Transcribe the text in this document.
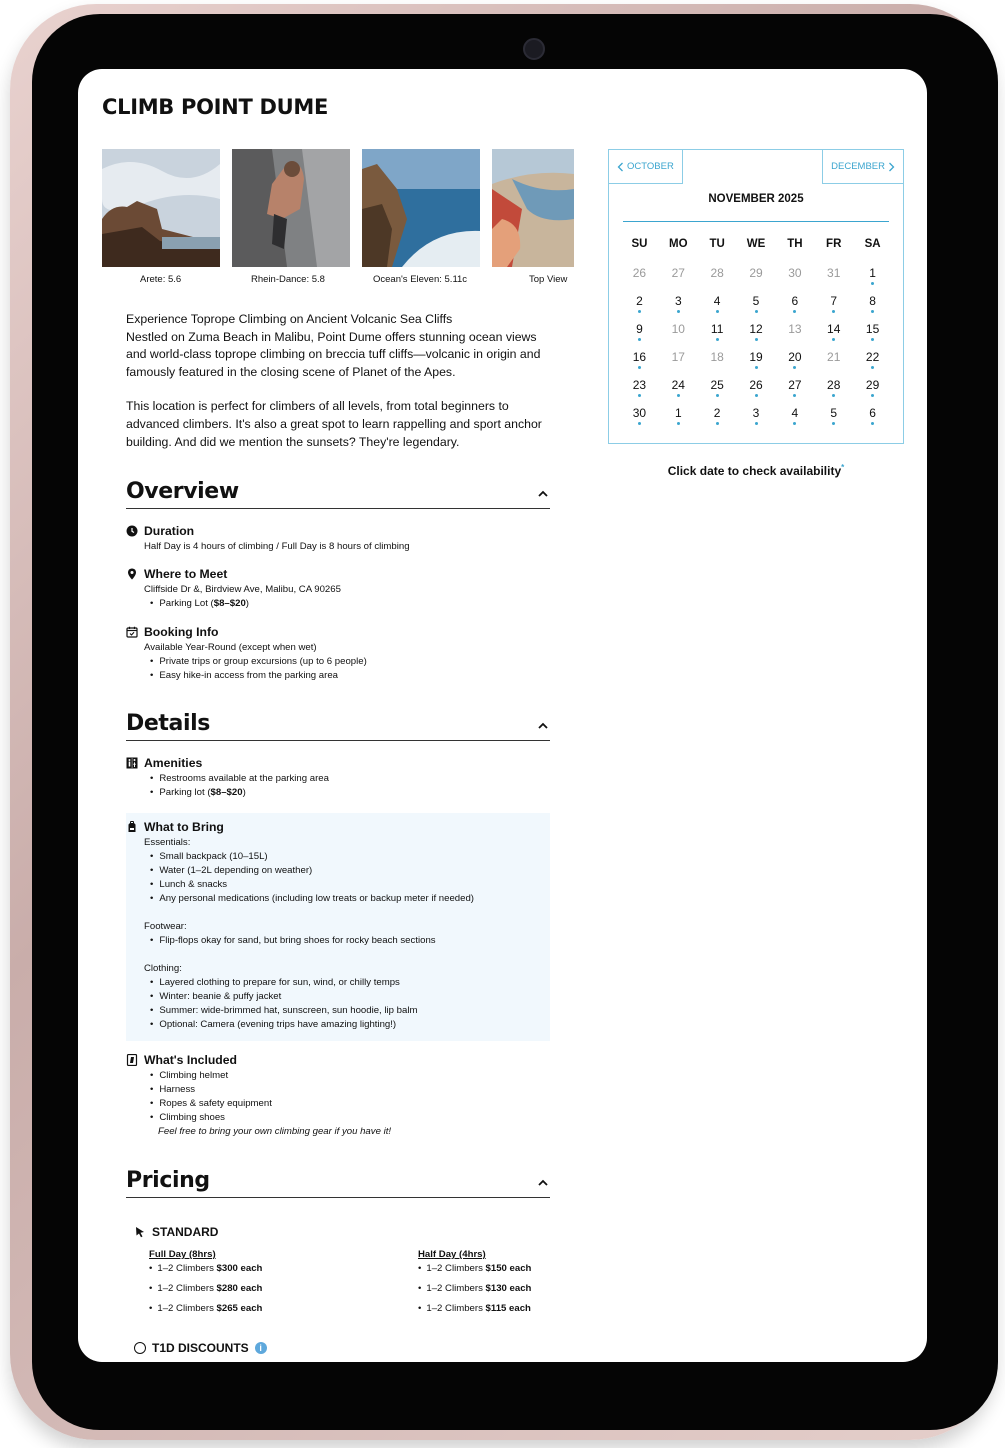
CLIMB POINT DUME
Arete: 5.6	Rhein-Dance: 5.8	Ocean's Eleven: 5.11c	Top View

Experience Toprope Climbing on Ancient Volcanic Sea Cliffs
Nestled on Zuma Beach in Malibu, Point Dume offers stunning ocean views and world-class toprope climbing on breccia tuff cliffs—volcanic in origin and famously featured in the closing scene of Planet of the Apes.

This location is perfect for climbers of all levels, from total beginners to advanced climbers. It's also a great spot to learn rappelling and sport anchor building. And did we mention the sunsets? They're legendary.

Overview
Duration
Half Day is 4 hours of climbing / Full Day is 8 hours of climbing
Where to Meet
Cliffside Dr &, Birdview Ave, Malibu, CA 90265
• Parking Lot ($8–$20)
Booking Info
Available Year-Round (except when wet)
• Private trips or group excursions (up to 6 people)
• Easy hike-in access from the parking area
Details
Amenities
• Restrooms available at the parking area
• Parking lot ($8–$20)
What to Bring
Essentials:
• Small backpack (10–15L)
• Water (1–2L depending on weather)
• Lunch & snacks
• Any personal medications (including low treats or backup meter if needed)
Footwear:
• Flip-flops okay for sand, but bring shoes for rocky beach sections
Clothing:
• Layered clothing to prepare for sun, wind, or chilly temps
• Winter: beanie & puffy jacket
• Summer: wide-brimmed hat, sunscreen, sun hoodie, lip balm
• Optional: Camera (evening trips have amazing lighting!)
What's Included
• Climbing helmet
• Harness
• Ropes & safety equipment
• Climbing shoes
Feel free to bring your own climbing gear if you have it!
Pricing
STANDARD
Full Day (8hrs)
• 1–2 Climbers $300 each
• 1–2 Climbers $280 each
• 1–2 Climbers $265 each
Half Day (4hrs)
• 1–2 Climbers $150 each
• 1–2 Climbers $130 each
• 1–2 Climbers $115 each
T1D DISCOUNTS	i
OCTOBER	DECEMBER
NOVEMBER 2025
SU	MO	TU	WE	TH	FR	SA
26	27	28	29	30	31	1
2	3	4	5	6	7	8
9	10	11	12	13	14	15
16	17	18	19	20	21	22
23	24	25	26	27	28	29
30	1	2	3	4	5	6
Click date to check availability*
